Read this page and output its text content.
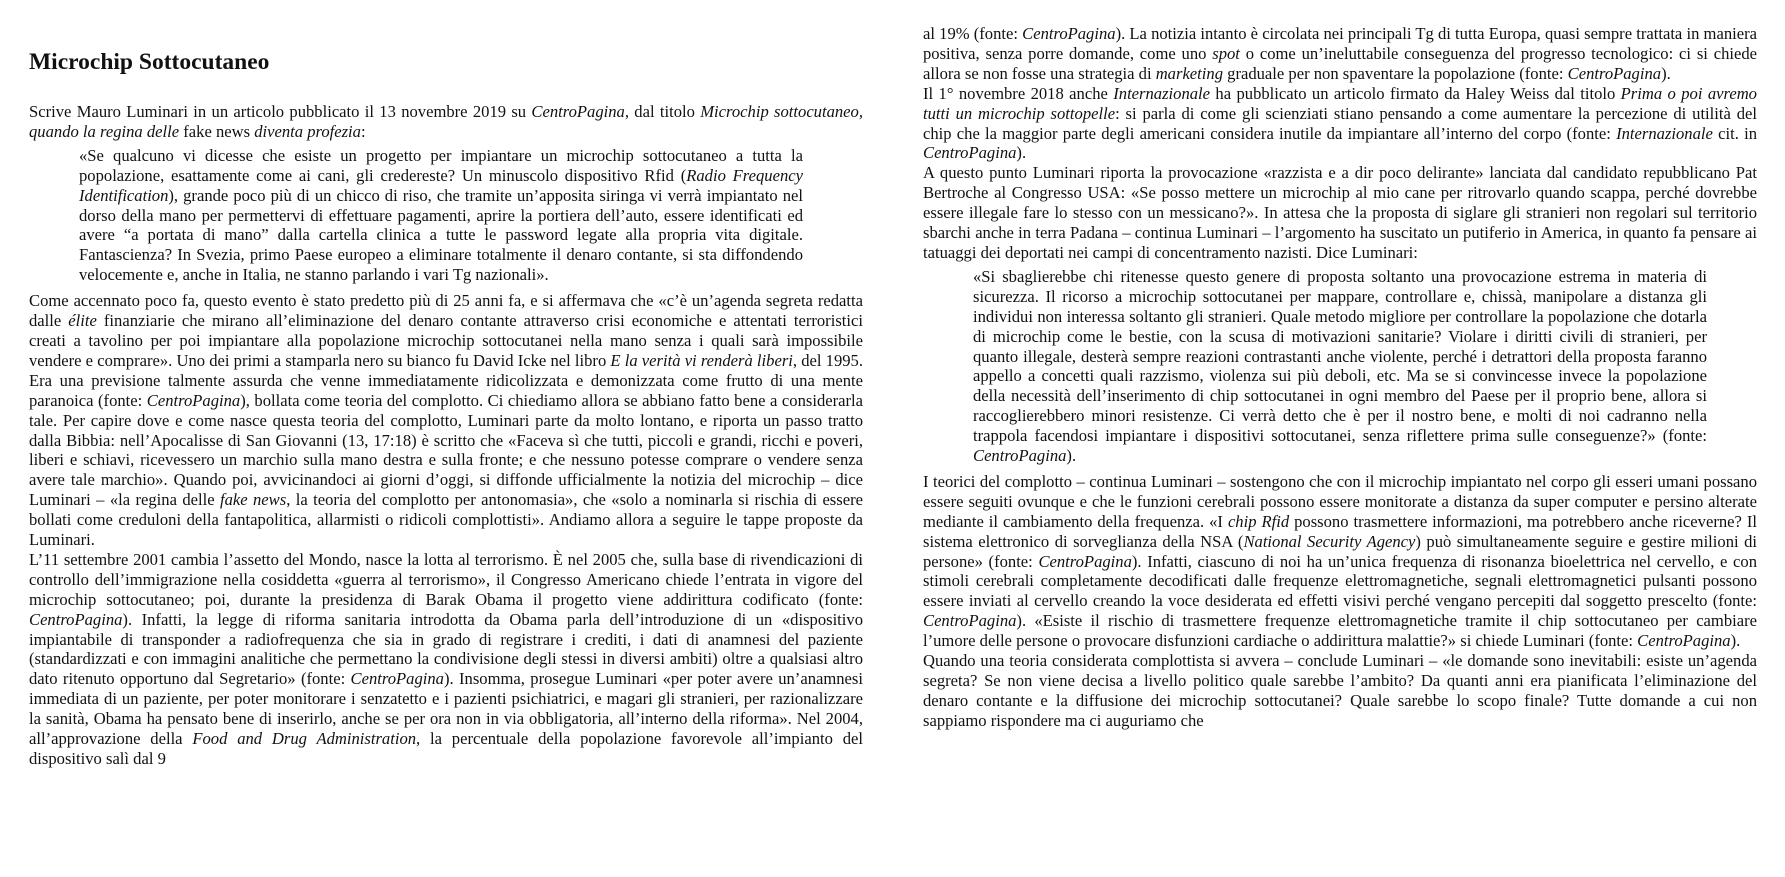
Microchip Sottocutaneo

Scrive Mauro Luminari in un articolo pubblicato il 13 novembre 2019 su CentroPagina, dal titolo Microchip sottocutaneo, quando la regina delle fake news diventa profezia:

«Se qualcuno vi dicesse che esiste un progetto per impiantare un microchip sottocutaneo a tutta la popolazione, esattamente come ai cani, gli credereste? Un minuscolo dispositivo Rfid (Radio Frequency Identification), grande poco più di un chicco di riso, che tramite un’apposita siringa vi verrà impiantato nel dorso della mano per permettervi di effettuare pagamenti, aprire la portiera dell’auto, essere identificati ed avere “a portata di mano” dalla cartella clinica a tutte le password legate alla propria vita digitale. Fantascienza? In Svezia, primo Paese europeo a eliminare totalmente il denaro contante, si sta diffondendo velocemente e, anche in Italia, ne stanno parlando i vari Tg nazionali».

Come accennato poco fa, questo evento è stato predetto più di 25 anni fa, e si affermava che «c’è un’agenda segreta redatta dalle élite finanziarie che mirano all’eliminazione del denaro contante attraverso crisi economiche e attentati terroristici creati a tavolino per poi impiantare alla popolazione microchip sottocutanei nella mano senza i quali sarà impossibile vendere e comprare». Uno dei primi a stamparla nero su bianco fu David Icke nel libro E la verità vi renderà liberi, del 1995. Era una previsione talmente assurda che venne immediatamente ridicolizzata e demonizzata come frutto di una mente paranoica (fonte: CentroPagina), bollata come teoria del complotto. Ci chiediamo allora se abbiano fatto bene a considerarla tale. Per capire dove e come nasce questa teoria del complotto, Luminari parte da molto lontano, e riporta un passo tratto dalla Bibbia: nell’Apocalisse di San Giovanni (13, 17:18) è scritto che «Faceva sì che tutti, piccoli e grandi, ricchi e poveri, liberi e schiavi, ricevessero un marchio sulla mano destra e sulla fronte; e che nessuno potesse comprare o vendere senza avere tale marchio». Quando poi, avvicinandoci ai giorni d’oggi, si diffonde ufficialmente la notizia del microchip – dice Luminari – «la regina delle fake news, la teoria del complotto per antonomasia», che «solo a nominarla si rischia di essere bollati come creduloni della fantapolitica, allarmisti o ridicoli complottisti». Andiamo allora a seguire le tappe proposte da Luminari.

L’11 settembre 2001 cambia l’assetto del Mondo, nasce la lotta al terrorismo. È nel 2005 che, sulla base di rivendicazioni di controllo dell’immigrazione nella cosiddetta «guerra al terrorismo», il Congresso Americano chiede l’entrata in vigore del microchip sottocutaneo; poi, durante la presidenza di Barak Obama il progetto viene addirittura codificato (fonte: CentroPagina). Infatti, la legge di riforma sanitaria introdotta da Obama parla dell’introduzione di un «dispositivo impiantabile di transponder a radiofrequenza che sia in grado di registrare i crediti, i dati di anamnesi del paziente (standardizzati e con immagini analitiche che permettano la condivisione degli stessi in diversi ambiti) oltre a qualsiasi altro dato ritenuto opportuno dal Segretario» (fonte: CentroPagina). Insomma, prosegue Luminari «per poter avere un’anamnesi immediata di un paziente, per poter monitorare i senzatetto e i pazienti psichiatrici, e magari gli stranieri, per razionalizzare la sanità, Obama ha pensato bene di inserirlo, anche se per ora non in via obbligatoria, all’interno della riforma». Nel 2004, all’approvazione della Food and Drug Administration, la percentuale della popolazione favorevole all’impianto del dispositivo salì dal 9

al 19% (fonte: CentroPagina). La notizia intanto è circolata nei principali Tg di tutta Europa, quasi sempre trattata in maniera positiva, senza porre domande, come uno spot o come un’ineluttabile conseguenza del progresso tecnologico: ci si chiede allora se non fosse una strategia di marketing graduale per non spaventare la popolazione (fonte: CentroPagina).

Il 1° novembre 2018 anche Internazionale ha pubblicato un articolo firmato da Haley Weiss dal titolo Prima o poi avremo tutti un microchip sottopelle: si parla di come gli scienziati stiano pensando a come aumentare la percezione di utilità del chip che la maggior parte degli americani considera inutile da impiantare all’interno del corpo (fonte: Internazionale cit. in CentroPagina).

A questo punto Luminari riporta la provocazione «razzista e a dir poco delirante» lanciata dal candidato repubblicano Pat Bertroche al Congresso USA: «Se posso mettere un microchip al mio cane per ritrovarlo quando scappa, perché dovrebbe essere illegale fare lo stesso con un messicano?». In attesa che la proposta di siglare gli stranieri non regolari sul territorio sbarchi anche in terra Padana – continua Luminari – l’argomento ha suscitato un putiferio in America, in quanto fa pensare ai tatuaggi dei deportati nei campi di concentramento nazisti. Dice Luminari:

«Si sbaglierebbe chi ritenesse questo genere di proposta soltanto una provocazione estrema in materia di sicurezza. Il ricorso a microchip sottocutanei per mappare, controllare e, chissà, manipolare a distanza gli individui non interessa soltanto gli stranieri. Quale metodo migliore per controllare la popolazione che dotarla di microchip come le bestie, con la scusa di motivazioni sanitarie? Violare i diritti civili di stranieri, per quanto illegale, desterà sempre reazioni contrastanti anche violente, perché i detrattori della proposta faranno appello a concetti quali razzismo, violenza sui più deboli, etc. Ma se si convincesse invece la popolazione della necessità dell’inserimento di chip sottocutanei in ogni membro del Paese per il proprio bene, allora si raccoglierebbero minori resistenze. Ci verrà detto che è per il nostro bene, e molti di noi cadranno nella trappola facendosi impiantare i dispositivi sottocutanei, senza riflettere prima sulle conseguenze?» (fonte: CentroPagina).

I teorici del complotto – continua Luminari – sostengono che con il microchip impiantato nel corpo gli esseri umani possano essere seguiti ovunque e che le funzioni cerebrali possono essere monitorate a distanza da super computer e persino alterate mediante il cambiamento della frequenza. «I chip Rfid possono trasmettere informazioni, ma potrebbero anche riceverne? Il sistema elettronico di sorveglianza della NSA (National Security Agency) può simultaneamente seguire e gestire milioni di persone» (fonte: CentroPagina). Infatti, ciascuno di noi ha un’unica frequenza di risonanza bioelettrica nel cervello, e con stimoli cerebrali completamente decodificati dalle frequenze elettromagnetiche, segnali elettromagnetici pulsanti possono essere inviati al cervello creando la voce desiderata ed effetti visivi perché vengano percepiti dal soggetto prescelto (fonte: CentroPagina). «Esiste il rischio di trasmettere frequenze elettromagnetiche tramite il chip sottocutaneo per cambiare l’umore delle persone o provocare disfunzioni cardiache o addirittura malattie?» si chiede Luminari (fonte: CentroPagina).

Quando una teoria considerata complottista si avvera – conclude Luminari – «le domande sono inevitabili: esiste un’agenda segreta? Se non viene decisa a livello politico quale sarebbe l’ambito? Da quanti anni era pianificata l’eliminazione del denaro contante e la diffusione dei microchip sottocutanei? Quale sarebbe lo scopo finale? Tutte domande a cui non sappiamo rispondere ma ci auguriamo che
